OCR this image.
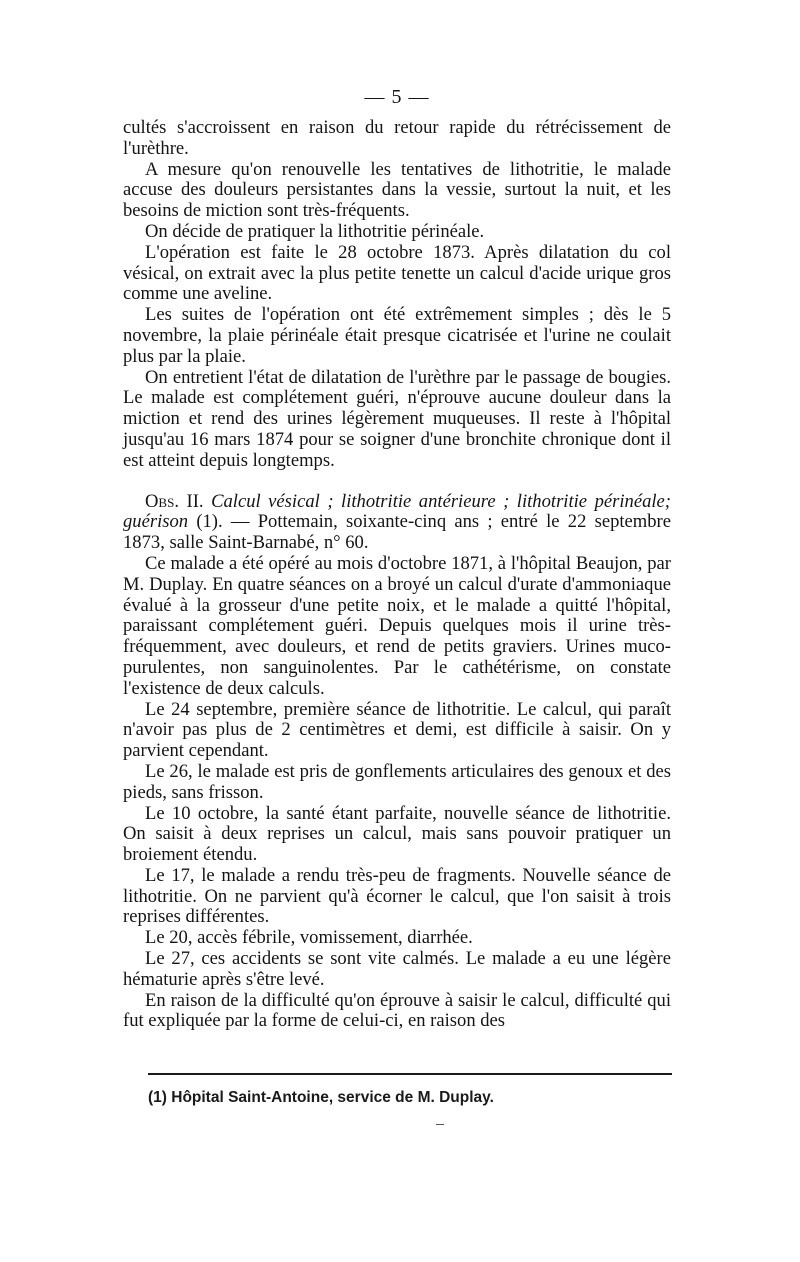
— 5 —

cultés s'accroissent en raison du retour rapide du rétrécissement de l'urèthre.

A mesure qu'on renouvelle les tentatives de lithotritie, le malade accuse des douleurs persistantes dans la vessie, surtout la nuit, et les besoins de miction sont très-fréquents.

On décide de pratiquer la lithotritie périnéale.

L'opération est faite le 28 octobre 1873. Après dilatation du col vésical, on extrait avec la plus petite tenette un calcul d'acide urique gros comme une aveline.

Les suites de l'opération ont été extrêmement simples ; dès le 5 novembre, la plaie périnéale était presque cicatrisée et l'urine ne coulait plus par la plaie.

On entretient l'état de dilatation de l'urèthre par le passage de bougies. Le malade est complétement guéri, n'éprouve aucune douleur dans la miction et rend des urines légèrement muqueuses. Il reste à l'hôpital jusqu'au 16 mars 1874 pour se soigner d'une bronchite chronique dont il est atteint depuis longtemps.

Obs. II. Calcul vésical ; lithotritie antérieure ; lithotritie périnéale; guérison (1). — Pottemain, soixante-cinq ans ; entré le 22 septembre 1873, salle Saint-Barnabé, n° 60.

Ce malade a été opéré au mois d'octobre 1871, à l'hôpital Beaujon, par M. Duplay. En quatre séances on a broyé un calcul d'urate d'ammoniaque évalué à la grosseur d'une petite noix, et le malade a quitté l'hôpital, paraissant complétement guéri. Depuis quelques mois il urine très-fréquemment, avec douleurs, et rend de petits graviers. Urines muco-purulentes, non sanguinolentes. Par le cathétérisme, on constate l'existence de deux calculs.

Le 24 septembre, première séance de lithotritie. Le calcul, qui paraît n'avoir pas plus de 2 centimètres et demi, est difficile à saisir. On y parvient cependant.

Le 26, le malade est pris de gonflements articulaires des genoux et des pieds, sans frisson.

Le 10 octobre, la santé étant parfaite, nouvelle séance de lithotritie. On saisit à deux reprises un calcul, mais sans pouvoir pratiquer un broiement étendu.

Le 17, le malade a rendu très-peu de fragments. Nouvelle séance de lithotritie. On ne parvient qu'à écorner le calcul, que l'on saisit à trois reprises différentes.

Le 20, accès fébrile, vomissement, diarrhée.

Le 27, ces accidents se sont vite calmés. Le malade a eu une légère hématurie après s'être levé.

En raison de la difficulté qu'on éprouve à saisir le calcul, difficulté qui fut expliquée par la forme de celui-ci, en raison des

(1) Hôpital Saint-Antoine, service de M. Duplay.
